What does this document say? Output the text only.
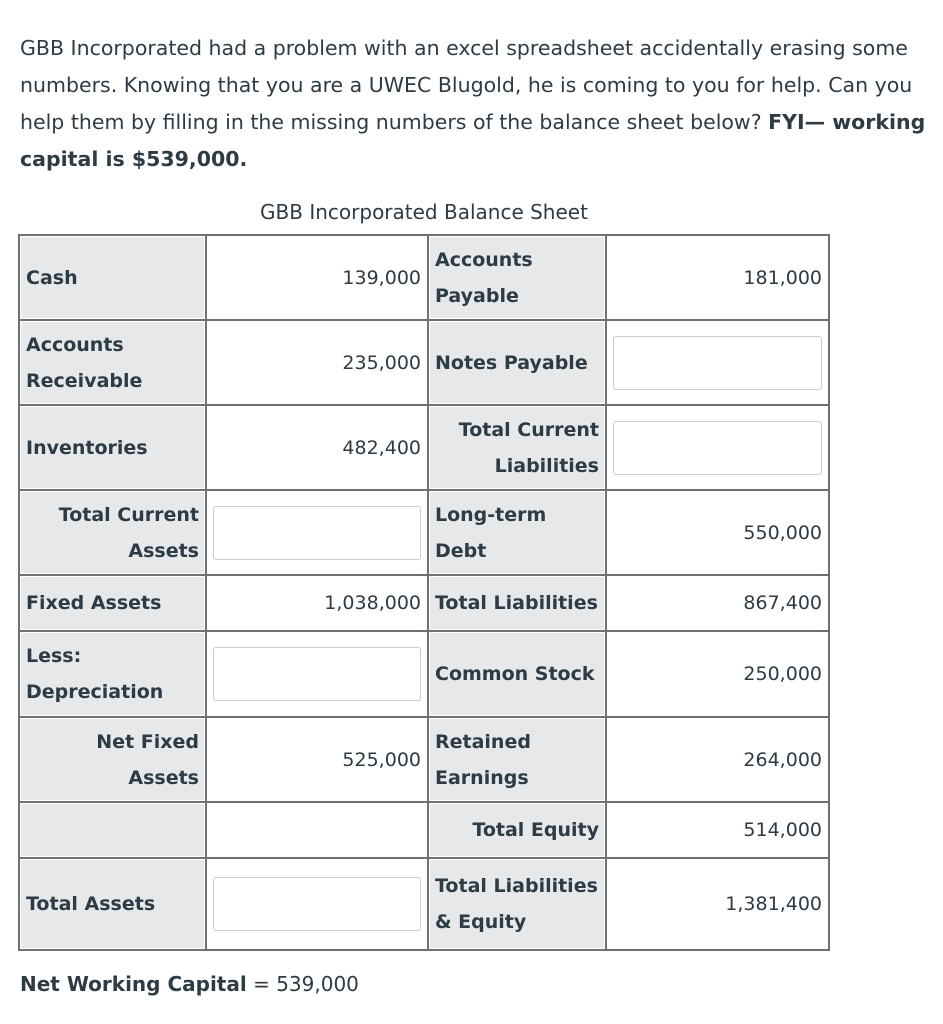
GBB Incorporated had a problem with an excel spreadsheet accidentally erasing some numbers. Knowing that you are a UWEC Blugold, he is coming to you for help. Can you help them by filling in the missing numbers of the balance sheet below? FYI— working capital is $539,000.
GBB Incorporated Balance Sheet
Cash	139,000	Accounts Payable	181,000
Accounts Receivable	235,000	Notes Payable	

Inventories	482,400	Total Current Liabilities	

Total Current Assets		Long-term Debt	550,000
Fixed Assets	1,038,000	Total Liabilities	867,400
Less: Depreciation		Common Stock	250,000
Net Fixed Assets	525,000	Retained Earnings	264,000
		Total Equity	514,000
Total Assets		Total Liabilities & Equity	1,381,400
Net Working Capital = 539,000
